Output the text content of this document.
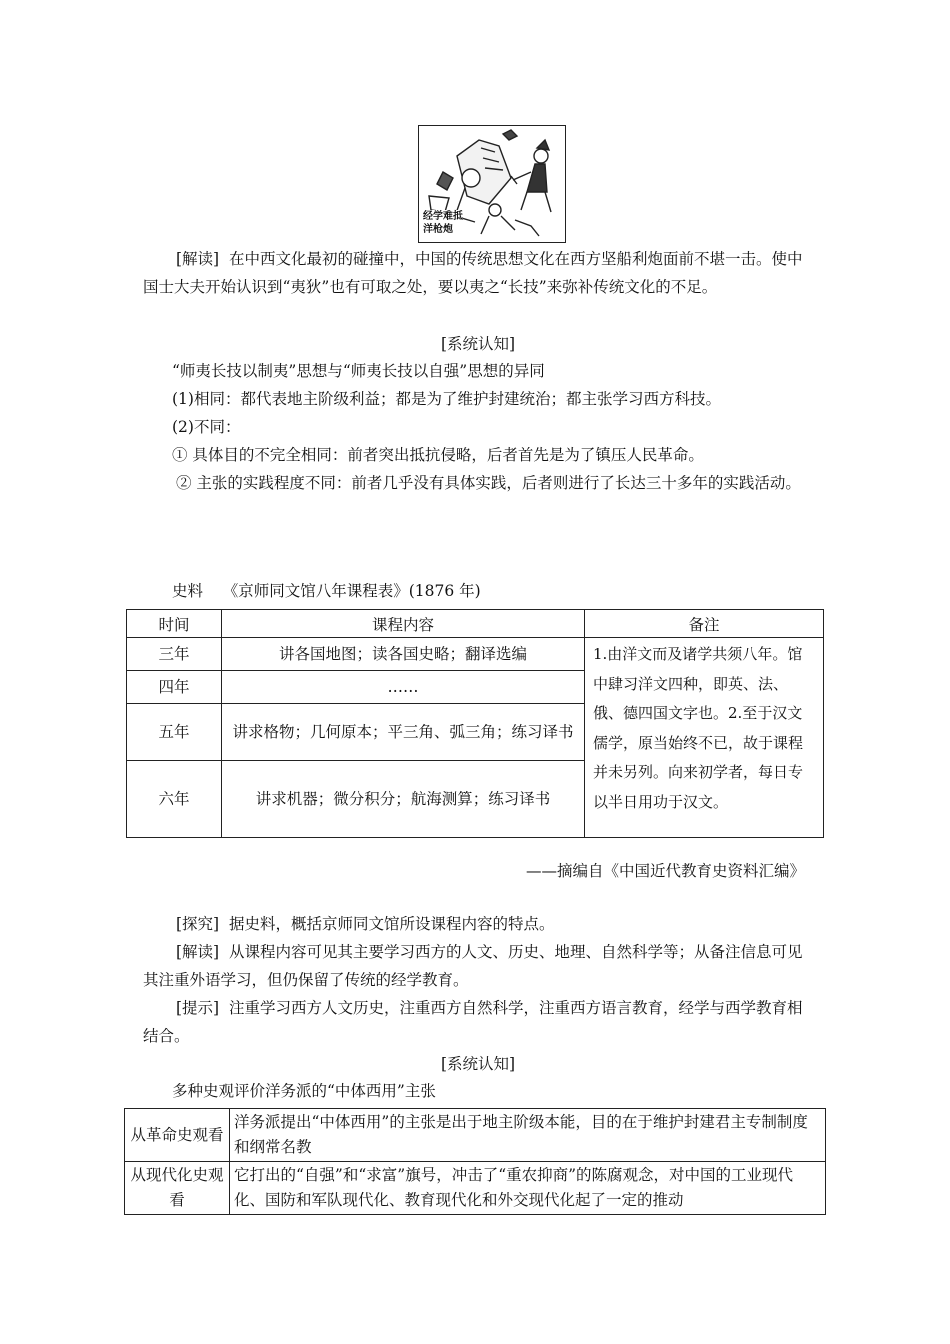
经学难抵
洋枪炮

[解读] 在中西文化最初的碰撞中，中国的传统思想文化在西方坚船利炮面前不堪一击。使中国士大夫开始认识到“夷狄”也有可取之处，要以夷之“长技”来弥补传统文化的不足。

[系统认知]
“师夷长技以制夷”思想与“师夷长技以自强”思想的异同
(1)相同：都代表地主阶级利益；都是为了维护封建统治；都主张学习西方科技。
(2)不同：
① 具体目的不完全相同：前者突出抵抗侵略，后者首先是为了镇压人民革命。

② 主张的实践程度不同：前者几乎没有具体实践，后者则进行了长达三十多年的实践活动。

史料 《京师同文馆八年课程表》(1876 年)
时间	课程内容	备注
三年	讲各国地图；读各国史略；翻译选编	1.由洋文而及诸学共须八年。馆中肆习洋文四种，即英、法、俄、德四国文字也。2.至于汉文儒学，原当始终不已，故于课程并未另列。向来初学者，每日专以半日用功于汉文。
四年	……	
五年	讲求格物；几何原本；平三角、弧三角；练习译书	
六年	讲求机器；微分积分；航海测算；练习译书	
——摘编自《中国近代教育史资料汇编》

[探究] 据史料，概括京师同文馆所设课程内容的特点。

[解读] 从课程内容可见其主要学习西方的人文、历史、地理、自然科学等；从备注信息可见其注重外语学习，但仍保留了传统的经学教育。

[提示] 注重学习西方人文历史，注重西方自然科学，注重西方语言教育，经学与西学教育相结合。

[系统认知]
多种史观评价洋务派的“中体西用”主张
从革命史观看	洋务派提出“中体西用”的主张是出于地主阶级本能，目的在于维护封建君主专制制度和纲常名教
从现代化史观看	它打出的“自强”和“求富”旗号，冲击了“重农抑商”的陈腐观念，对中国的工业现代化、国防和军队现代化、教育现代化和外交现代化起了一定的推动
